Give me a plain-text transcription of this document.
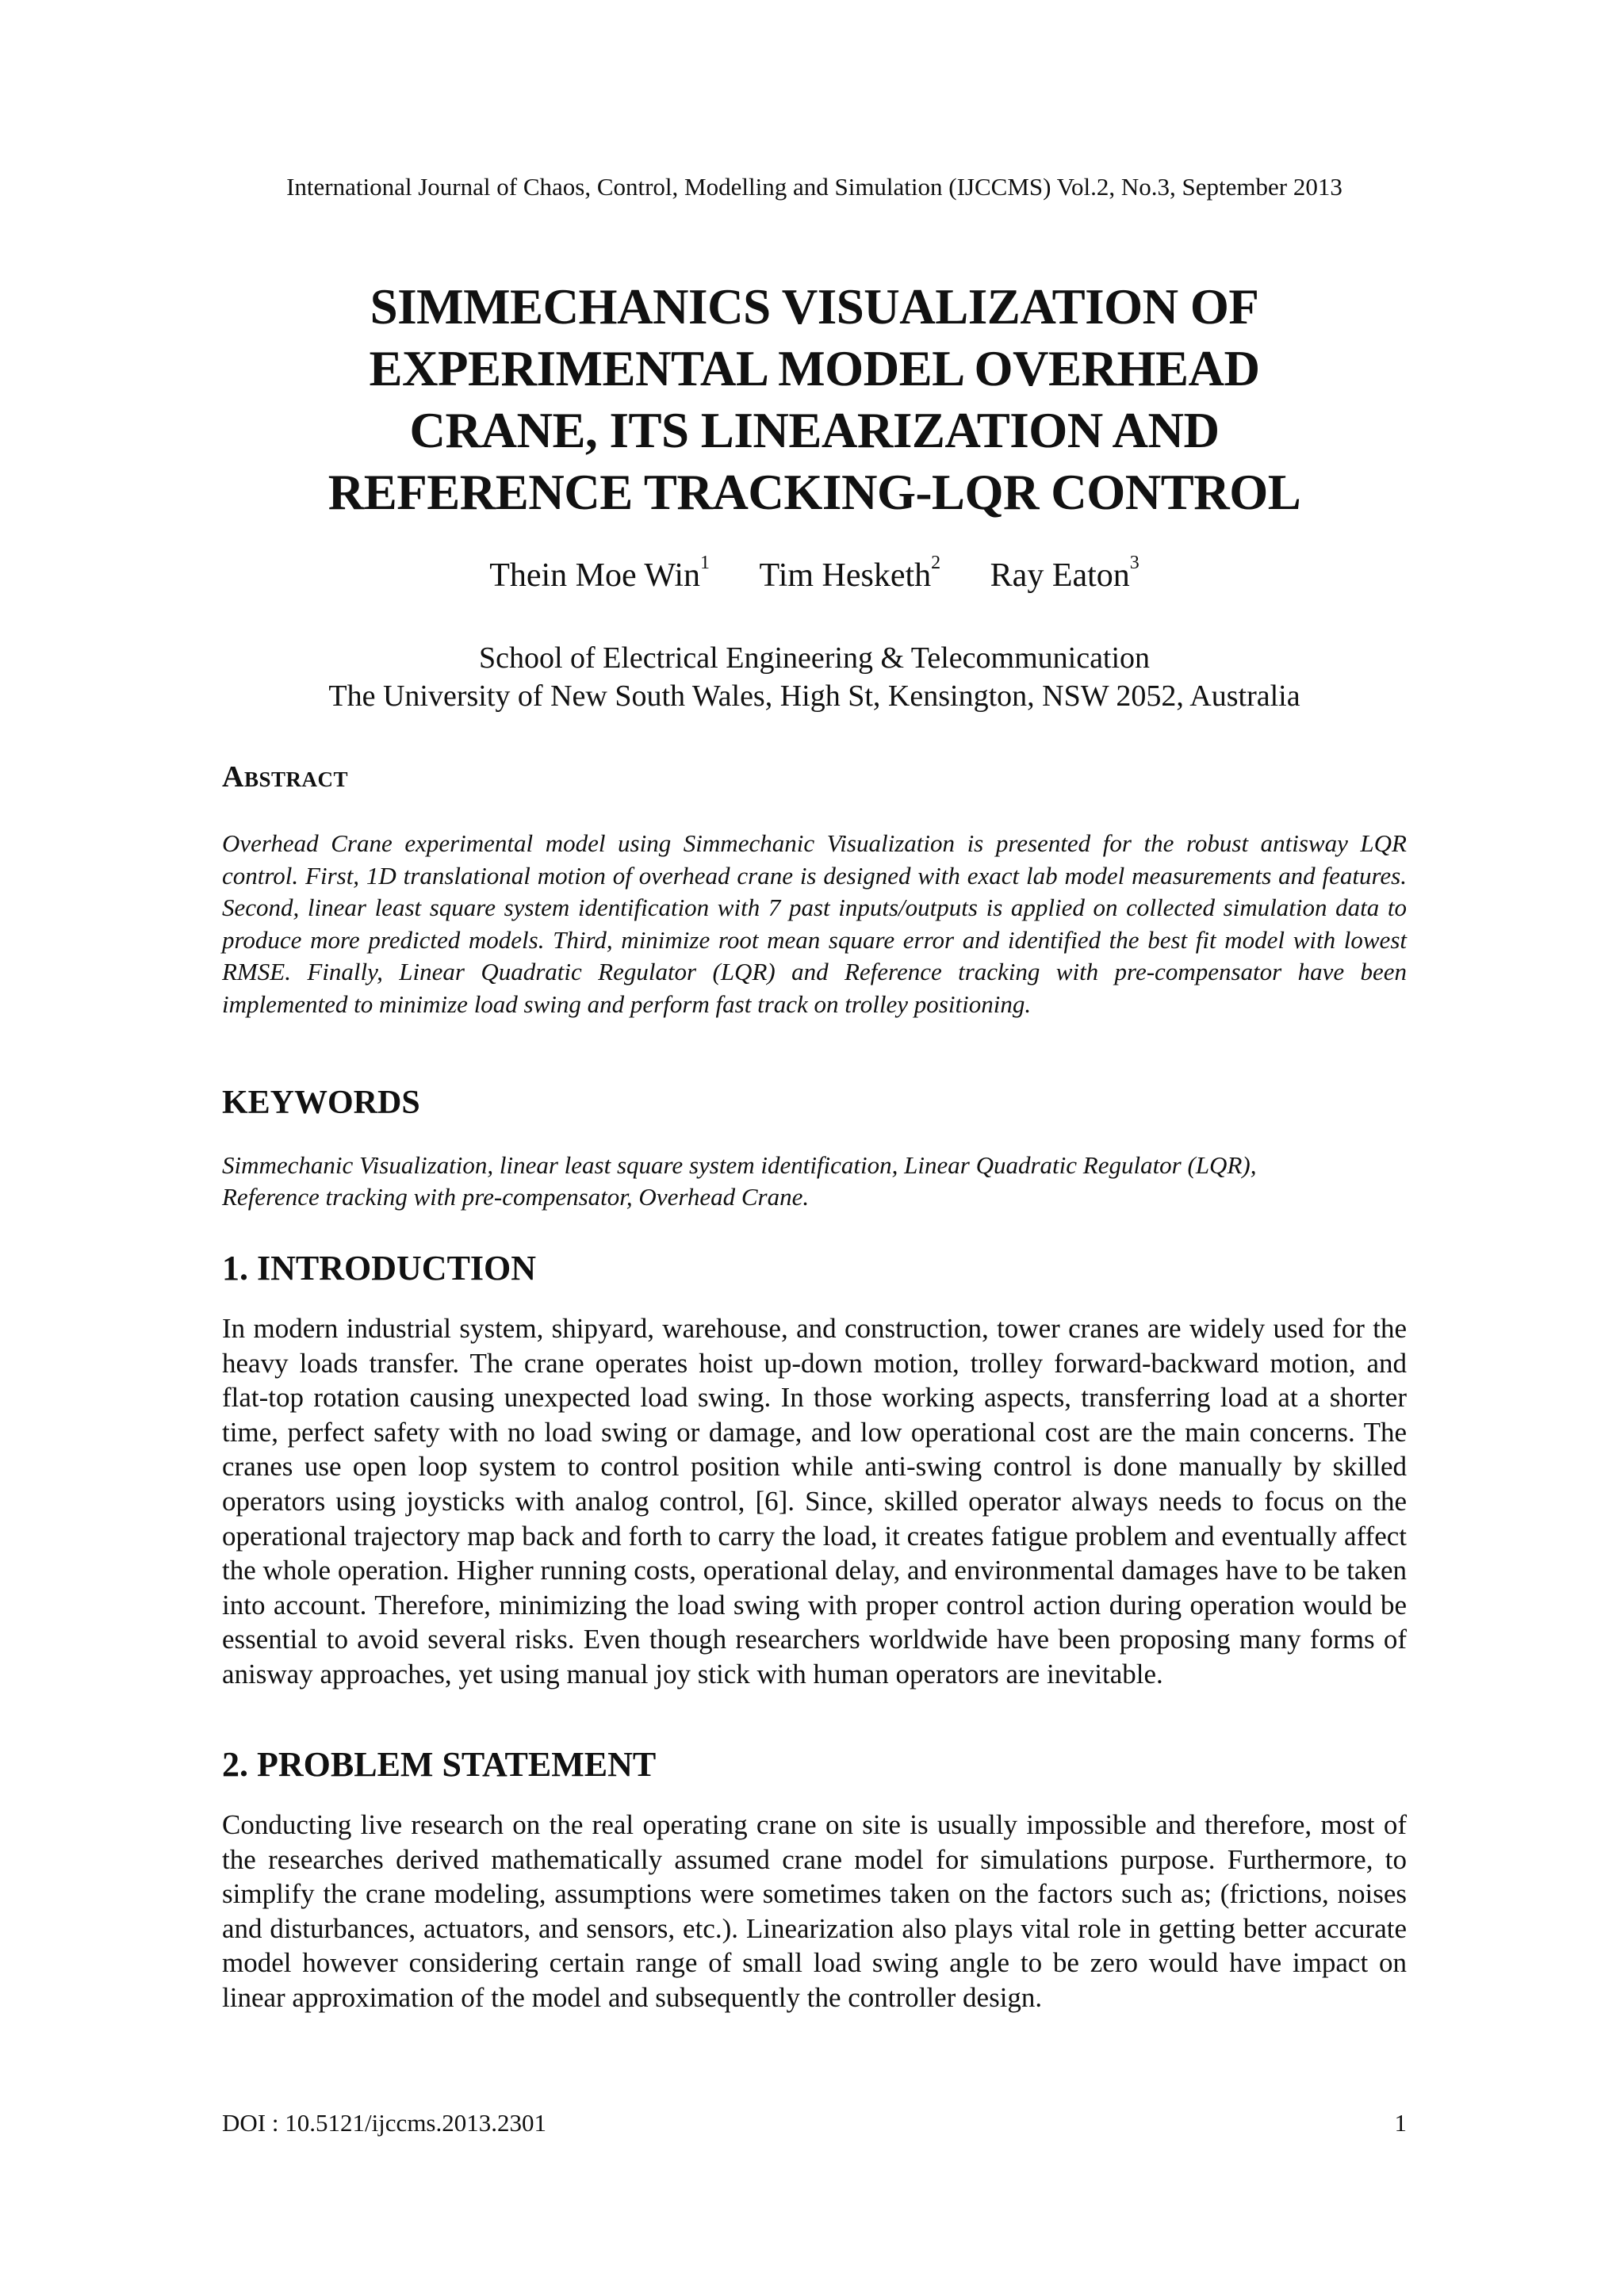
International Journal of Chaos, Control, Modelling and Simulation (IJCCMS) Vol.2, No.3, September 2013
SIMMECHANICS VISUALIZATION OF
EXPERIMENTAL MODEL OVERHEAD
CRANE, ITS LINEARIZATION AND
REFERENCE TRACKING-LQR CONTROL
Thein Moe Win$^1$ Tim Hesketh$^2$ Ray Eaton$^3$
School of Electrical Engineering & Telecommunication
The University of New South Wales, High St, Kensington, NSW 2052, Australia
Abstract
Overhead Crane experimental model using Simmechanic Visualization is presented for the robust antisway LQR control. First, 1D translational motion of overhead crane is designed with exact lab model measurements and features. Second, linear least square system identification with 7 past inputs/outputs is applied on collected simulation data to produce more predicted models. Third, minimize root mean square error and identified the best fit model with lowest RMSE. Finally, Linear Quadratic Regulator (LQR) and Reference tracking with pre-compensator have been implemented to minimize load swing and perform fast track on trolley positioning.
KEYWORDS
Simmechanic Visualization, linear least square system identification, Linear Quadratic Regulator (LQR),
Reference tracking with pre-compensator, Overhead Crane.
1. INTRODUCTION
In modern industrial system, shipyard, warehouse, and construction, tower cranes are widely used for the heavy loads transfer. The crane operates hoist up-down motion, trolley forward-backward motion, and flat-top rotation causing unexpected load swing. In those working aspects, transferring load at a shorter time, perfect safety with no load swing or damage, and low operational cost are the main concerns. The cranes use open loop system to control position while anti-swing control is done manually by skilled operators using joysticks with analog control, [6]. Since, skilled operator always needs to focus on the operational trajectory map back and forth to carry the load, it creates fatigue problem and eventually affect the whole operation. Higher running costs, operational delay, and environmental damages have to be taken into account. Therefore, minimizing the load swing with proper control action during operation would be essential to avoid several risks. Even though researchers worldwide have been proposing many forms of anisway approaches, yet using manual joy stick with human operators are inevitable.
2. PROBLEM STATEMENT
Conducting live research on the real operating crane on site is usually impossible and therefore, most of the researches derived mathematically assumed crane model for simulations purpose. Furthermore, to simplify the crane modeling, assumptions were sometimes taken on the factors such as; (frictions, noises and disturbances, actuators, and sensors, etc.). Linearization also plays vital role in getting better accurate model however considering certain range of small load swing angle to be zero would have impact on linear approximation of the model and subsequently the controller design.
DOI : 10.5121/ijccms.2013.2301	1
